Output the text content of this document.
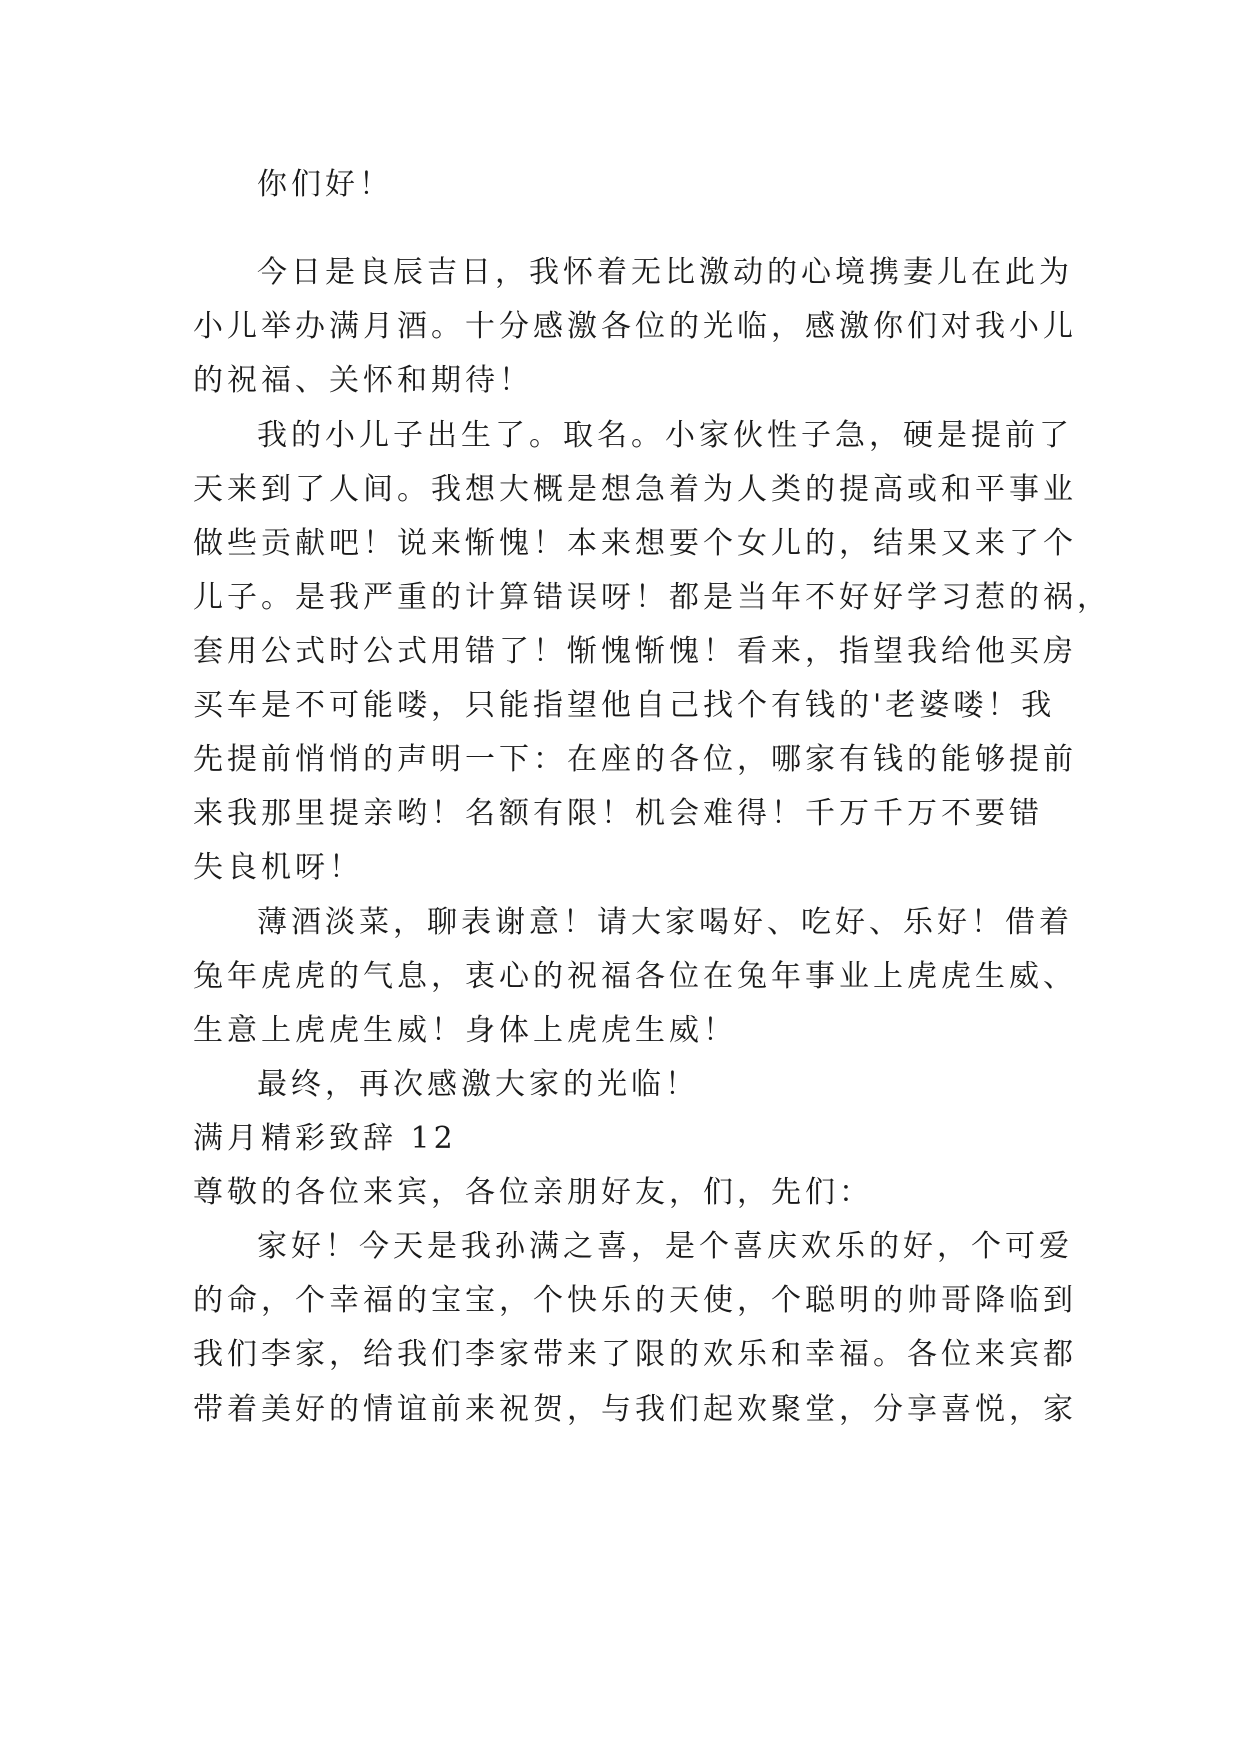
你们好！
今日是良辰吉日，我怀着无比激动的心境携妻儿在此为
小儿举办满月酒。十分感激各位的光临，感激你们对我小儿
的祝福、关怀和期待！
我的小儿子出生了。取名。小家伙性子急，硬是提前了
天来到了人间。我想大概是想急着为人类的提高或和平事业
做些贡献吧！说来惭愧！本来想要个女儿的，结果又来了个
儿子。是我严重的计算错误呀！都是当年不好好学习惹的祸，
套用公式时公式用错了！惭愧惭愧！看来，指望我给他买房
买车是不可能喽，只能指望他自己找个有钱的'老婆喽！我
先提前悄悄的声明一下：在座的各位，哪家有钱的能够提前
来我那里提亲哟！名额有限！机会难得！千万千万不要错
失良机呀！
薄酒淡菜，聊表谢意！请大家喝好、吃好、乐好！借着
兔年虎虎的气息，衷心的祝福各位在兔年事业上虎虎生威、
生意上虎虎生威！身体上虎虎生威！
最终，再次感激大家的光临！
满月精彩致辞 12
尊敬的各位来宾，各位亲朋好友，们，先们：
家好！今天是我孙满之喜，是个喜庆欢乐的好，个可爱
的命，个幸福的宝宝，个快乐的天使，个聪明的帅哥降临到
我们李家，给我们李家带来了限的欢乐和幸福。各位来宾都
带着美好的情谊前来祝贺，与我们起欢聚堂，分享喜悦，家
